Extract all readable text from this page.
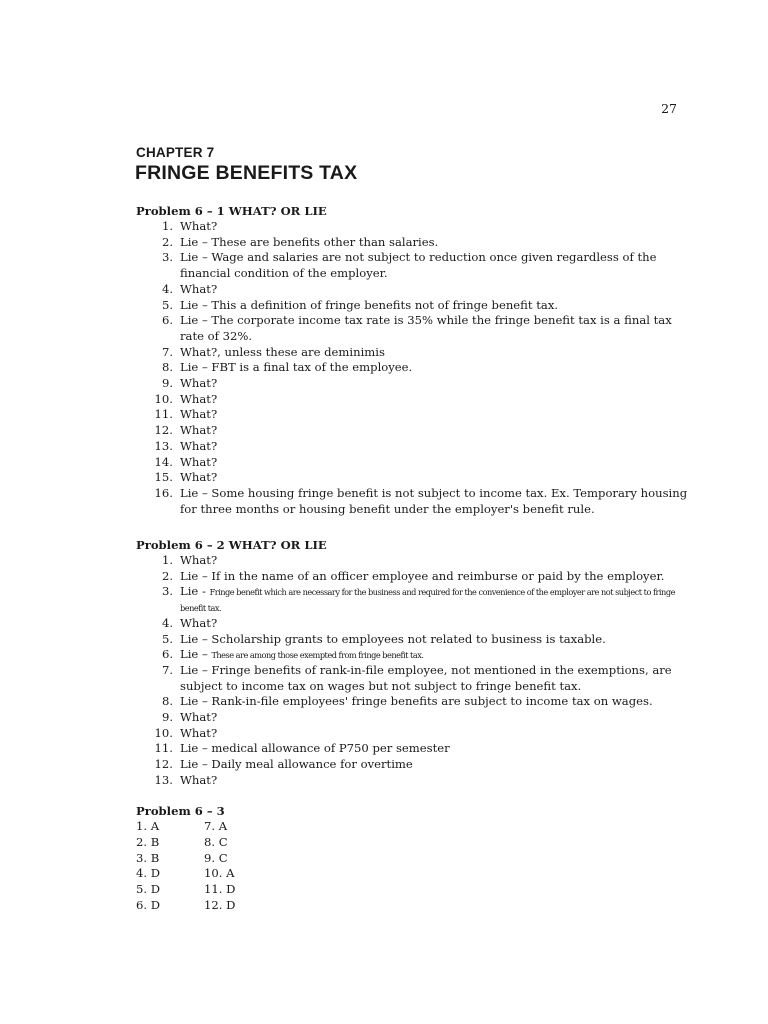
27
CHAPTER 7
FRINGE BENEFITS TAX
Problem 6 – 1 WHAT? OR LIE
1. What?
2. Lie – These are benefits other than salaries.
3. Lie – Wage and salaries are not subject to reduction once given regardless of the financial condition of the employer.
4. What?
5. Lie – This a definition of fringe benefits not of fringe benefit tax.
6. Lie – The corporate income tax rate is 35% while the fringe benefit tax is a final tax rate of 32%.
7. What?, unless these are deminimis
8. Lie – FBT is a final tax of the employee.
9. What?
10. What?
11. What?
12. What?
13. What?
14. What?
15. What?
16. Lie – Some housing fringe benefit is not subject to income tax. Ex. Temporary housing for three months or housing benefit under the employer's benefit rule.
Problem 6 – 2 WHAT? OR LIE
1. What?
2. Lie – If in the name of an officer employee and reimburse or paid by the employer.
3. Lie - Fringe benefit which are necessary for the business and required for the convenience of the employer are not subject to fringe benefit tax.
4. What?
5. Lie – Scholarship grants to employees not related to business is taxable.
6. Lie – These are among those exempted from fringe benefit tax.
7. Lie – Fringe benefits of rank-in-file employee, not mentioned in the exemptions, are subject to income tax on wages but not subject to fringe benefit tax.
8. Lie – Rank-in-file employees' fringe benefits are subject to income tax on wages.
9. What?
10. What?
11. Lie – medical allowance of P750 per semester
12. Lie – Daily meal allowance for overtime
13. What?
Problem 6 – 3
1. A	7. A
2. B	8. C
3. B	9. C
4. D	10. A
5. D	11. D
6. D	12. D
